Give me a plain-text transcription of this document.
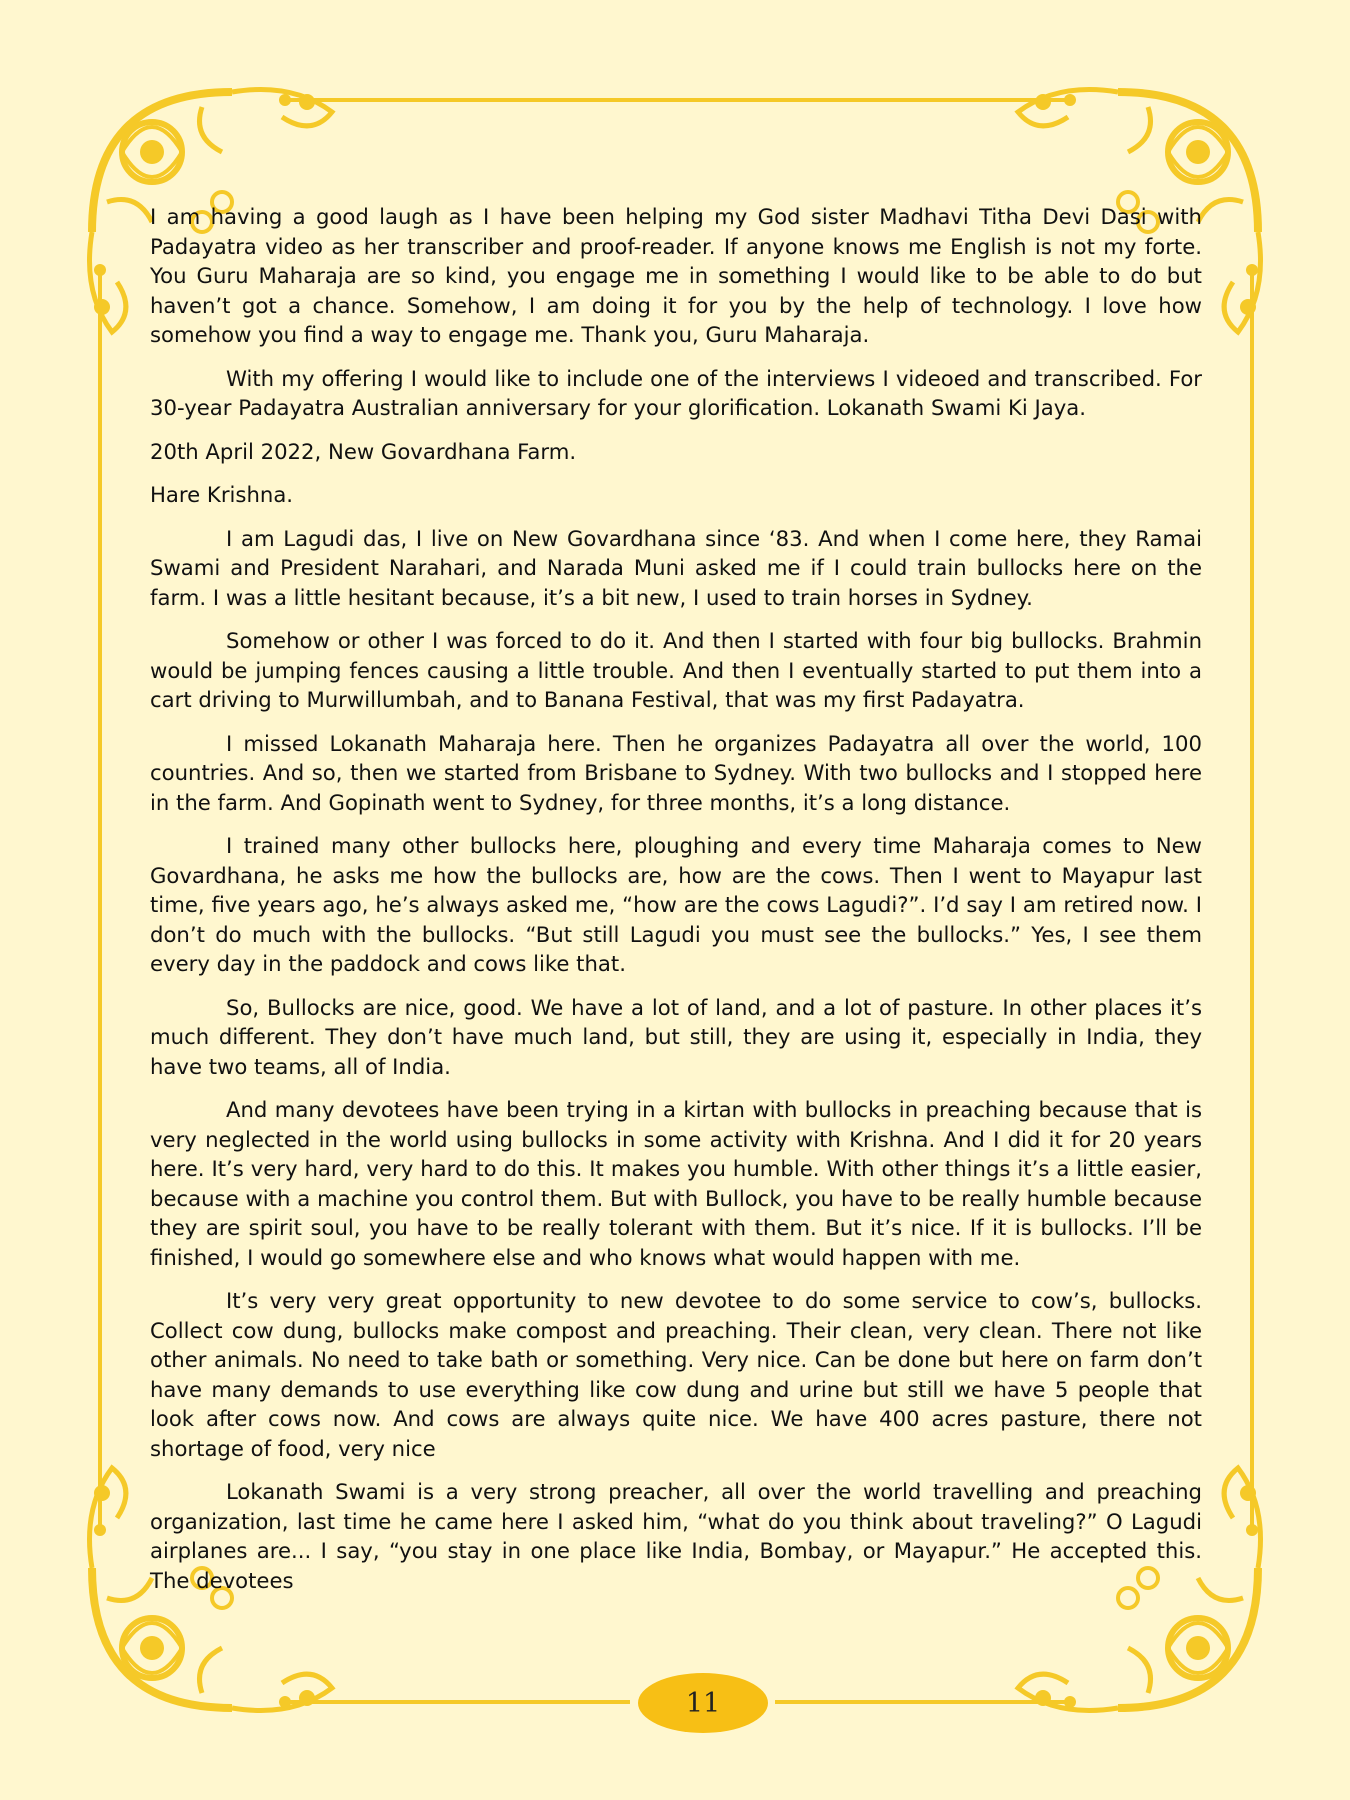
I am having a good laugh as I have been helping my God sister Madhavi Titha Devi Dasi with Padayatra video as her transcriber and proof-reader. If anyone knows me English is not my forte. You Guru Maharaja are so kind, you engage me in something I would like to be able to do but haven’t got a chance. Somehow, I am doing it for you by the help of technology. I love how somehow you find a way to engage me. Thank you, Guru Maharaja.

With my offering I would like to include one of the interviews I videoed and transcribed. For 30-year Padayatra Australian anniversary for your glorification. Lokanath Swami Ki Jaya.

20th April 2022, New Govardhana Farm.

Hare Krishna.

I am Lagudi das, I live on New Govardhana since ‘83. And when I come here, they Ramai Swami and President Narahari, and Narada Muni asked me if I could train bullocks here on the farm. I was a little hesitant because, it’s a bit new, I used to train horses in Sydney.

Somehow or other I was forced to do it. And then I started with four big bullocks. Brahmin would be jumping fences causing a little trouble. And then I eventually started to put them into a cart driving to Murwillumbah, and to Banana Festival, that was my first Padayatra.

I missed Lokanath Maharaja here. Then he organizes Padayatra all over the world, 100 countries. And so, then we started from Brisbane to Sydney. With two bullocks and I stopped here in the farm. And Gopinath went to Sydney, for three months, it’s a long distance.

I trained many other bullocks here, ploughing and every time Maharaja comes to New Govardhana, he asks me how the bullocks are, how are the cows. Then I went to Mayapur last time, five years ago, he’s always asked me, “how are the cows Lagudi?”. I’d say I am retired now. I don’t do much with the bullocks. “But still Lagudi you must see the bullocks.” Yes, I see them every day in the paddock and cows like that.

So, Bullocks are nice, good. We have a lot of land, and a lot of pasture. In other places it’s much different. They don’t have much land, but still, they are using it, especially in India, they have two teams, all of India.

And many devotees have been trying in a kirtan with bullocks in preaching because that is very neglected in the world using bullocks in some activity with Krishna. And I did it for 20 years here. It’s very hard, very hard to do this. It makes you humble. With other things it’s a little easier, because with a machine you control them. But with Bullock, you have to be really humble because they are spirit soul, you have to be really tolerant with them. But it’s nice. If it is bullocks. I’ll be finished, I would go somewhere else and who knows what would happen with me.

It’s very very great opportunity to new devotee to do some service to cow’s, bullocks. Collect cow dung, bullocks make compost and preaching. Their clean, very clean. There not like other animals. No need to take bath or something. Very nice. Can be done but here on farm don’t have many demands to use everything like cow dung and urine but still we have 5 people that look after cows now. And cows are always quite nice. We have 400 acres pasture, there not shortage of food, very nice

Lokanath Swami is a very strong preacher, all over the world travelling and preaching organization, last time he came here I asked him, “what do you think about traveling?” O Lagudi airplanes are... I say, “you stay in one place like India, Bombay, or Mayapur.” He accepted this. The devotees

11
